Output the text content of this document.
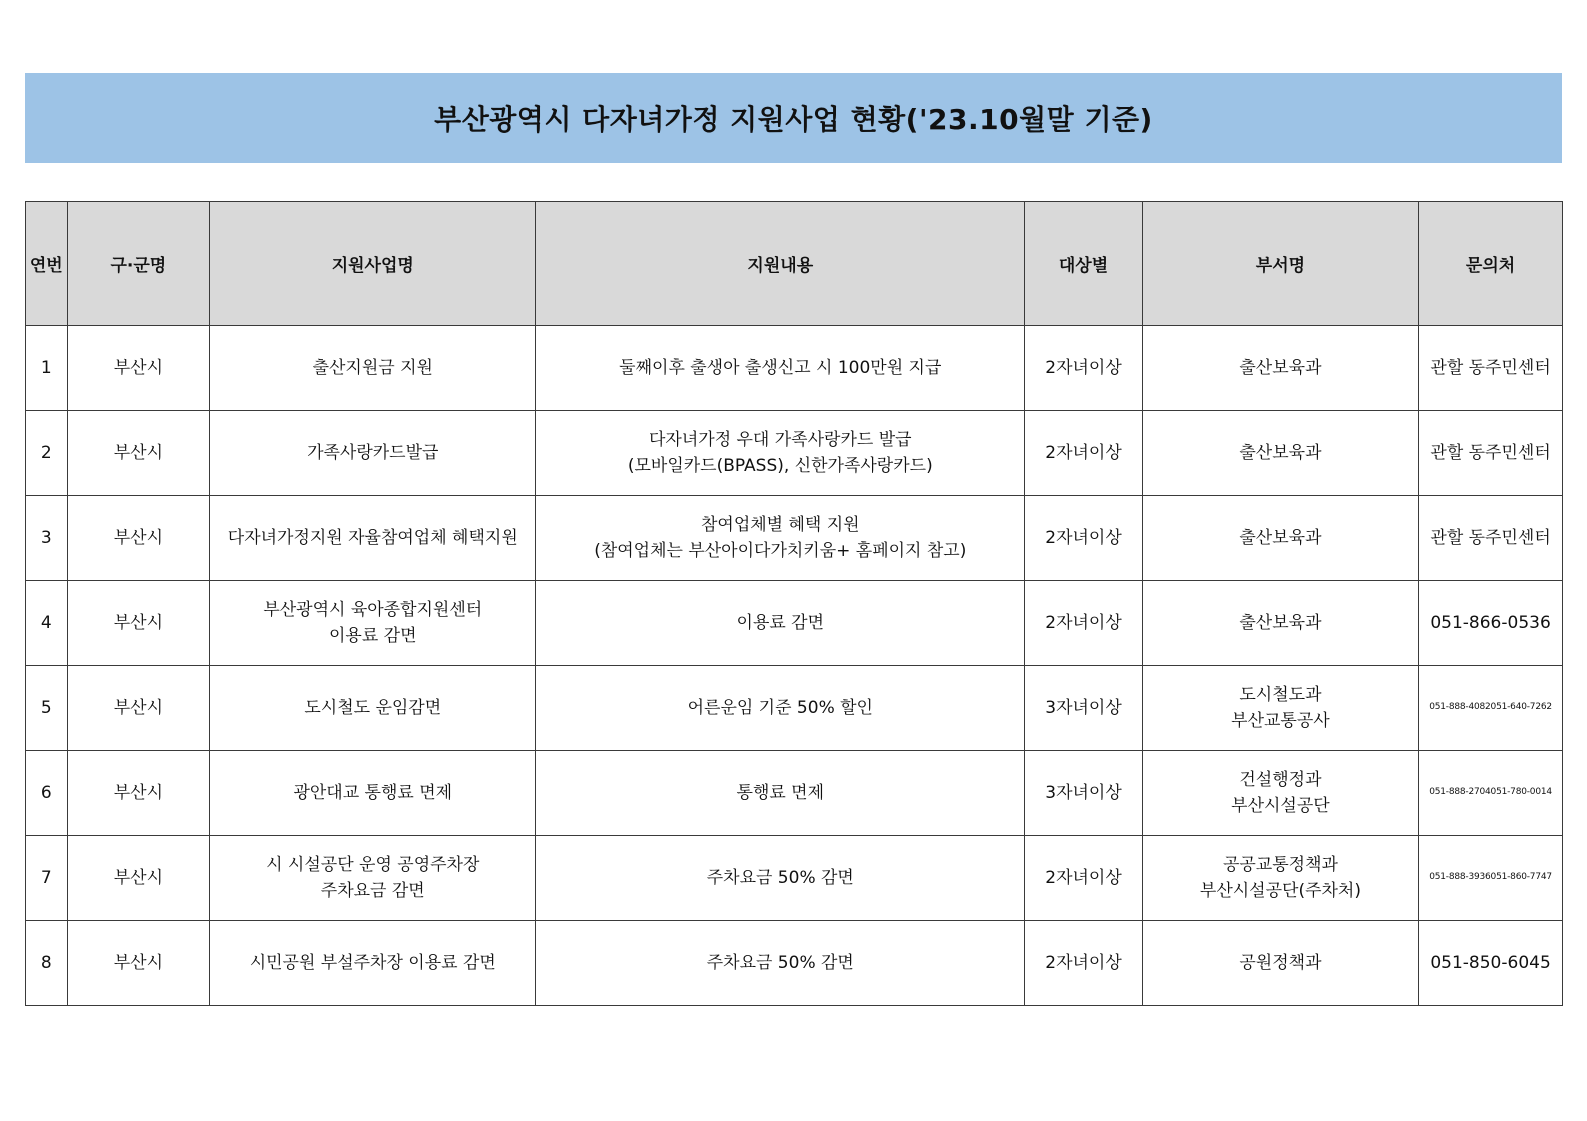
부산광역시 다자녀가정 지원사업 현황('23.10월말 기준)
연번	구·군명	지원사업명	지원내용	대상별	부서명	문의처
1	부산시	출산지원금 지원	둘째이후 출생아 출생신고 시 100만원 지급	2자녀이상	출산보육과	관할 동주민센터
2	부산시	가족사랑카드발급	다자녀가정 우대 가족사랑카드 발급
(모바일카드(BPASS), 신한가족사랑카드)	2자녀이상	출산보육과	관할 동주민센터
3	부산시	다자녀가정지원 자율참여업체 혜택지원	참여업체별 혜택 지원
(참여업체는 부산아이다가치키움+ 홈페이지 참고)	2자녀이상	출산보육과	관할 동주민센터
4	부산시	부산광역시 육아종합지원센터
이용료 감면	이용료 감면	2자녀이상	출산보육과	051-866-0536
5	부산시	도시철도 운임감면	어른운임 기준 50% 할인	3자녀이상	도시철도과
부산교통공사	051-888-4082051-640-7262
6	부산시	광안대교 통행료 면제	통행료 면제	3자녀이상	건설행정과
부산시설공단	051-888-2704051-780-0014
7	부산시	시 시설공단 운영 공영주차장
주차요금 감면	주차요금 50% 감면	2자녀이상	공공교통정책과
부산시설공단(주차처)	051-888-3936051-860-7747
8	부산시	시민공원 부설주차장 이용료 감면	주차요금 50% 감면	2자녀이상	공원정책과	051-850-6045
